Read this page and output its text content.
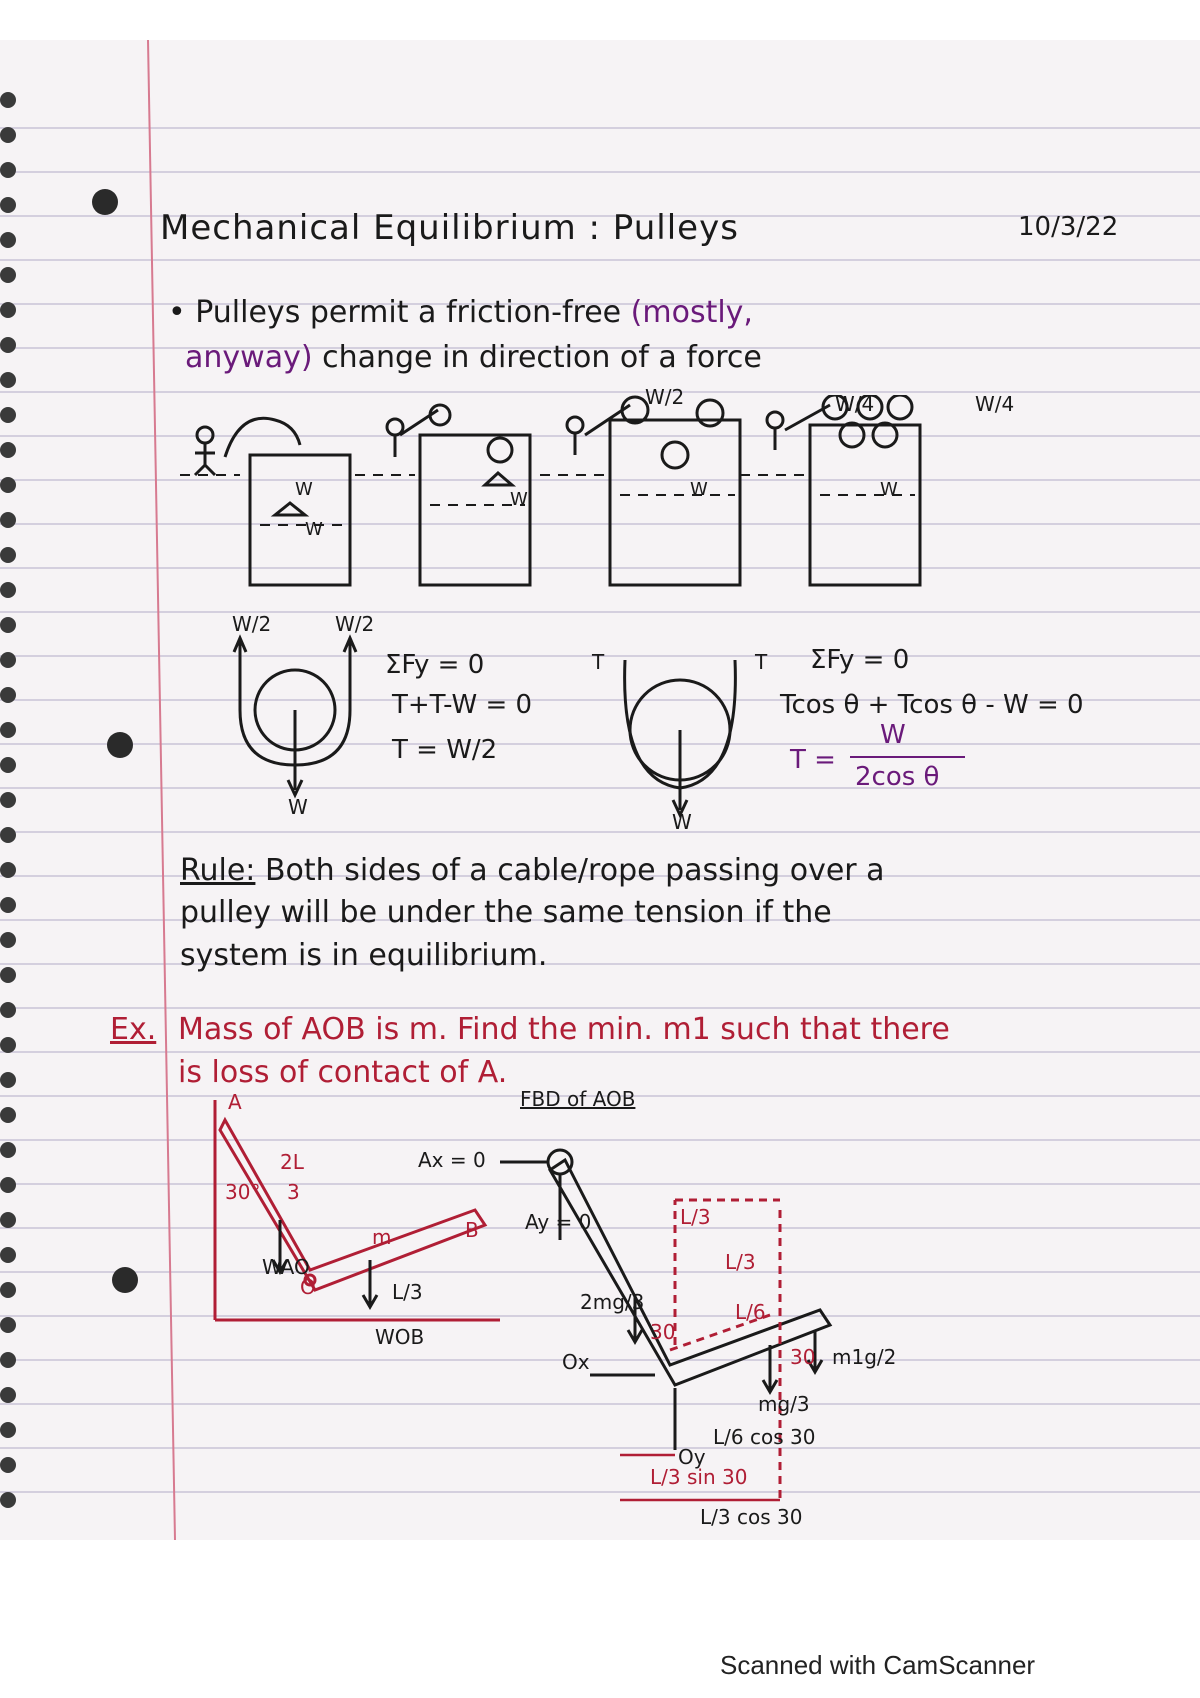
Mechanical Equilibrium : Pulleys	10/3/22
• Pulleys permit a friction-free (mostly,
anyway) change in direction of a force
W
W
W	W	W
W/2	W/4	W/4
W/2	W/2
W
ΣFy = 0
T+T-W = 0
T = W/2
T	T
W
ΣFy = 0
Tcos θ + Tcos θ - W = 0
T =
W
2cos θ
Rule: Both sides of a cable/rope passing over a
pulley will be under the same tension if the
system is in equilibrium.
Ex. Mass of AOB is m. Find the min. m1 such that there
is loss of contact of A.
A
30°
2L
3
m	B
WAO
O	L/3
WOB
FBD of AOB
Ax = 0
Ay = 0
2mg/3
L/3
L/3
L/6
30
30 m1g/2
mg/3
Ox
Oy
L/6 cos 30
L/3 sin 30
L/3 cos 30
Scanned with CamScanner
